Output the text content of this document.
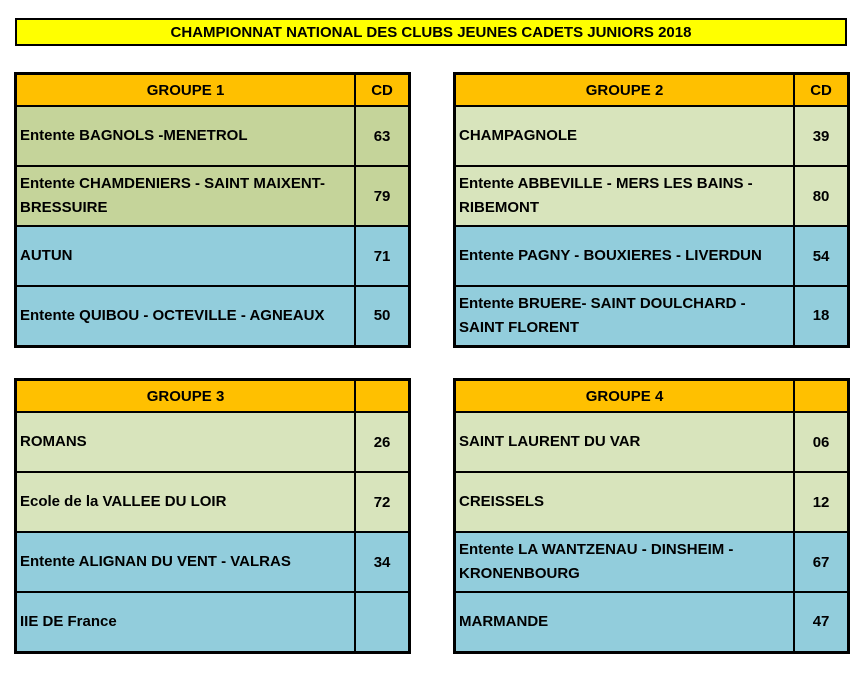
CHAMPIONNAT NATIONAL DES CLUBS JEUNES CADETS JUNIORS 2018
GROUPE 1	CD
Entente BAGNOLS -MENETROL	63
Entente CHAMDENIERS - SAINT MAIXENT- BRESSUIRE	79
AUTUN	71
Entente QUIBOU - OCTEVILLE - AGNEAUX	50
GROUPE 2	CD
CHAMPAGNOLE	39
Entente ABBEVILLE - MERS LES BAINS - RIBEMONT	80
Entente PAGNY - BOUXIERES - LIVERDUN	54
Entente BRUERE- SAINT DOULCHARD - SAINT FLORENT	18
GROUPE 3	
ROMANS	26
Ecole de la VALLEE DU LOIR	72
Entente ALIGNAN DU VENT - VALRAS	34
IIE DE France	
GROUPE 4	
SAINT LAURENT DU VAR	06
CREISSELS	12
Entente LA WANTZENAU - DINSHEIM - KRONENBOURG	67
MARMANDE	47
